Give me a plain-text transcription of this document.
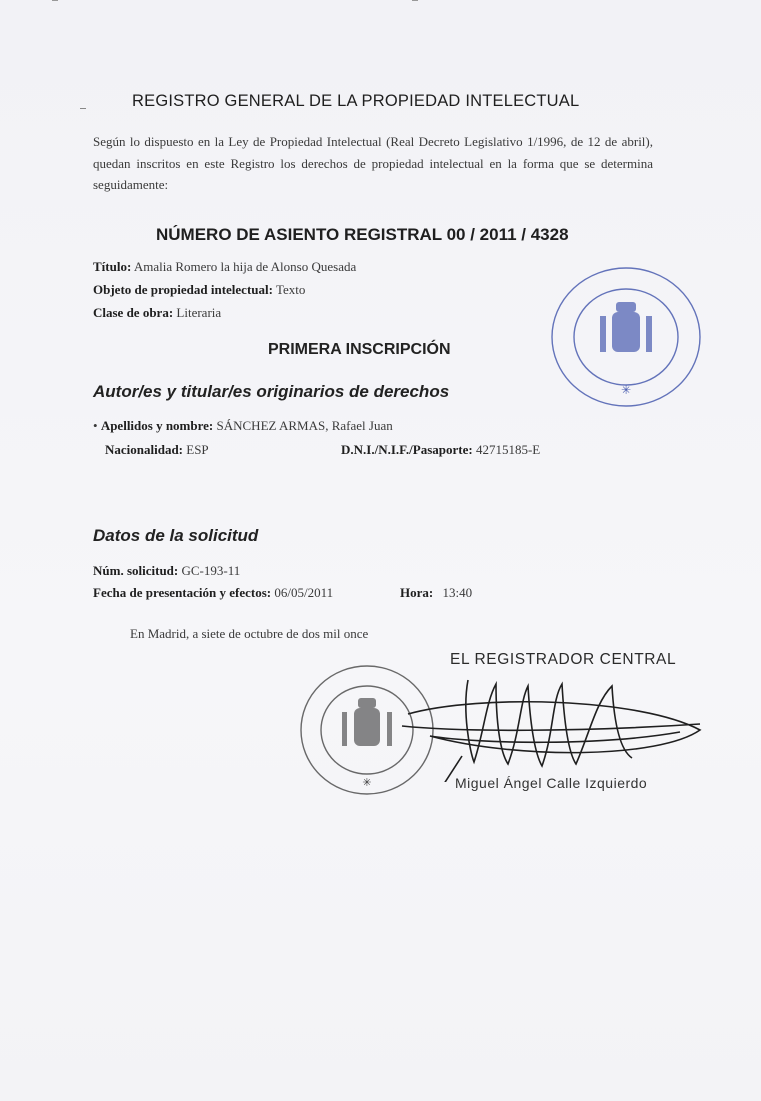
REGISTRO GENERAL DE LA PROPIEDAD INTELECTUAL
Según lo dispuesto en la Ley de Propiedad Intelectual (Real Decreto Legislativo 1/1996, de 12 de abril), quedan inscritos en este Registro los derechos de propiedad intelectual en la forma que se determina seguidamente:
NÚMERO DE ASIENTO REGISTRAL 00 / 2011 / 4328
Título: Amalia Romero la hija de Alonso Quesada
Objeto de propiedad intelectual: Texto
Clase de obra: Literaria
PRIMERA INSCRIPCIÓN
Autor/es y titular/es originarios de derechos
• Apellidos y nombre: SÁNCHEZ ARMAS, Rafael Juan
Nacionalidad: ESP	D.N.I./N.I.F./Pasaporte: 42715185-E
Datos de la solicitud
Núm. solicitud: GC-193-11
Fecha de presentación y efectos: 06/05/2011	Hora: 13:40
En Madrid, a siete de octubre de dos mil once
✳
✳
EL REGISTRADOR CENTRAL
Miguel Ángel Calle Izquierdo
